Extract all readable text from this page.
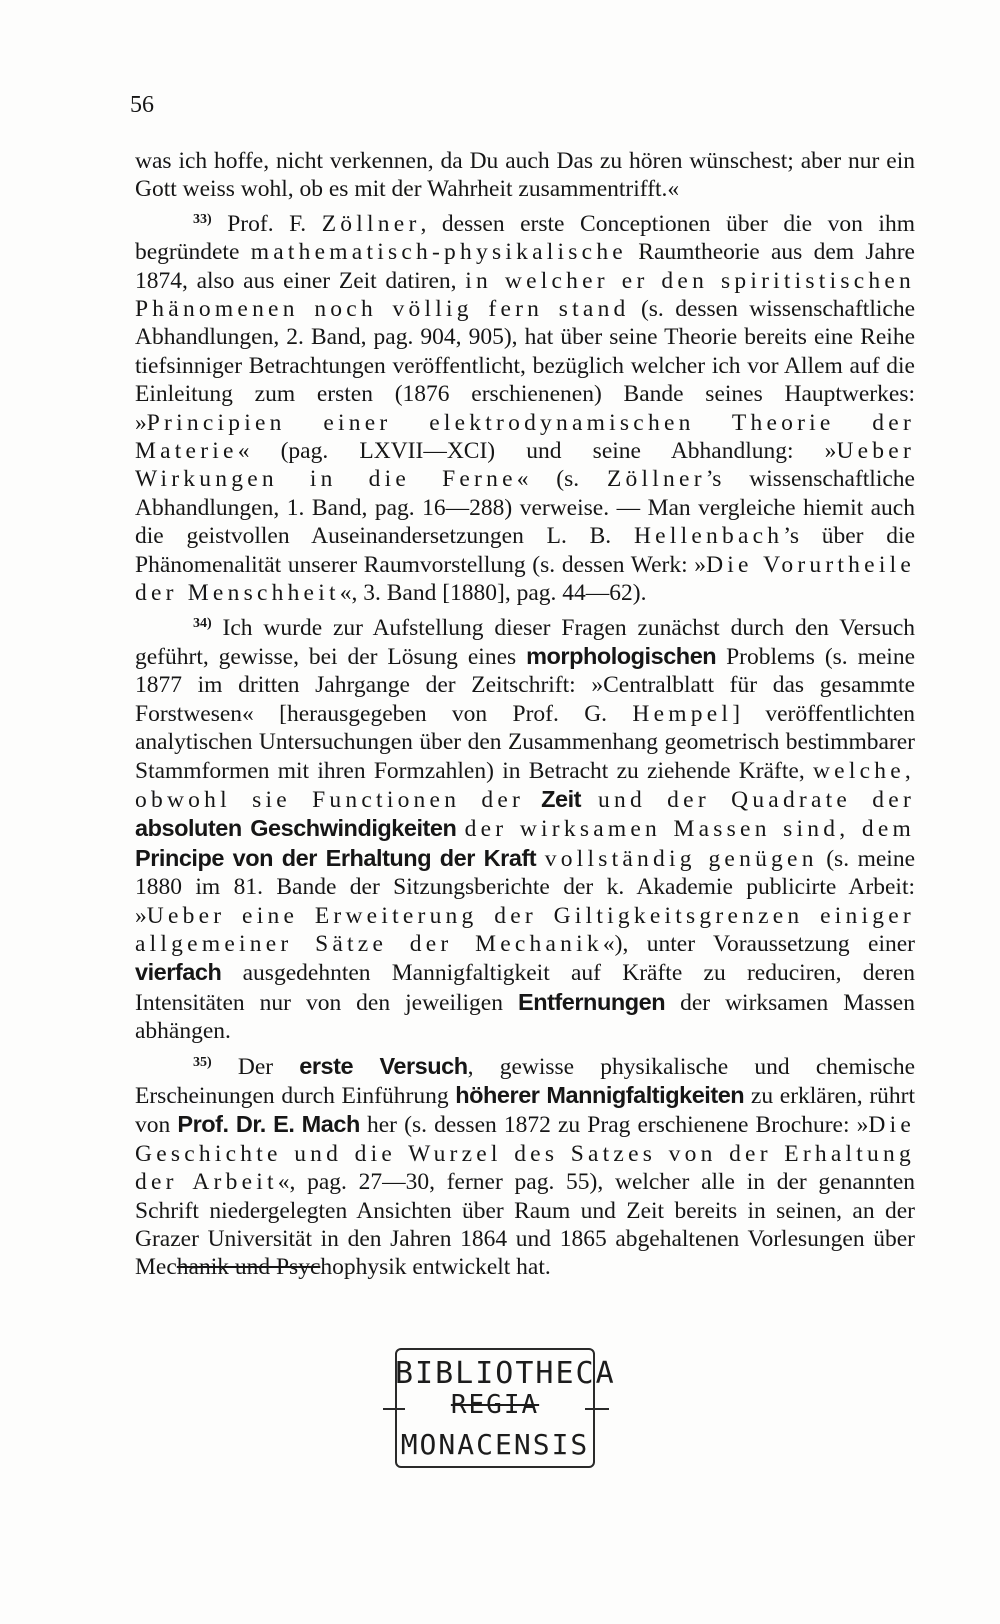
56

was ich hoffe, nicht verkennen, da Du auch Das zu hören wünschest; aber nur ein Gott weiss wohl, ob es mit der Wahrheit zusammentrifft.«

$^{33)}$ Prof. F. Zöllner, dessen erste Conceptionen über die von ihm begründete mathematisch-physikalische Raumtheorie aus dem Jahre 1874, also aus einer Zeit datiren, in welcher er den spiritistischen Phänomenen noch völlig fern stand (s. dessen wissenschaftliche Abhandlungen, 2. Band, pag. 904, 905), hat über seine Theorie bereits eine Reihe tiefsinniger Betrachtungen veröffentlicht, bezüglich welcher ich vor Allem auf die Einleitung zum ersten (1876 erschienenen) Bande seines Hauptwerkes: »Principien einer elektrodynamischen Theorie der Materie« (pag. LXVII—XCI) und seine Abhandlung: »Ueber Wirkungen in die Ferne« (s. Zöllner’s wissenschaftliche Abhandlungen, 1. Band, pag. 16—288) verweise. — Man vergleiche hiemit auch die geistvollen Auseinandersetzungen L. B. Hellenbach’s über die Phänomenalität unserer Raumvorstellung (s. dessen Werk: »Die Vorurtheile der Menschheit«, 3. Band [1880], pag. 44—62).

$^{34)}$ Ich wurde zur Aufstellung dieser Fragen zunächst durch den Versuch geführt, gewisse, bei der Lösung eines morphologischen Problems (s. meine 1877 im dritten Jahrgange der Zeitschrift: »Centralblatt für das gesammte Forstwesen« [herausgegeben von Prof. G. Hempel] veröffentlichten analytischen Untersuchungen über den Zusammenhang geometrisch bestimmbarer Stammformen mit ihren Formzahlen) in Betracht zu ziehende Kräfte, welche, obwohl sie Functionen der Zeit und der Quadrate der absoluten Geschwindigkeiten der wirksamen Massen sind, dem Principe von der Erhaltung der Kraft vollständig genügen (s. meine 1880 im 81. Bande der Sitzungsberichte der k. Akademie publicirte Arbeit: »Ueber eine Erweiterung der Giltigkeitsgrenzen einiger allgemeiner Sätze der Mechanik«), unter Voraussetzung einer vierfach ausgedehnten Mannigfaltigkeit auf Kräfte zu reduciren, deren Intensitäten nur von den jeweiligen Entfernungen der wirksamen Massen abhängen.

$^{35)}$ Der erste Versuch, gewisse physikalische und chemische Erscheinungen durch Einführung höherer Mannigfaltigkeiten zu erklären, rührt von Prof. Dr. E. Mach her (s. dessen 1872 zu Prag erschienene Brochure: »Die Geschichte und die Wurzel des Satzes von der Erhaltung der Arbeit«, pag. 27—30, ferner pag. 55), welcher alle in der genannten Schrift niedergelegten Ansichten über Raum und Zeit bereits in seinen, an der Grazer Universität in den Jahren 1864 und 1865 abgehaltenen Vorlesungen über Mechanik und Psychophysik entwickelt hat.

BIBLIOTHECA
REGIA
MONACENSIS
